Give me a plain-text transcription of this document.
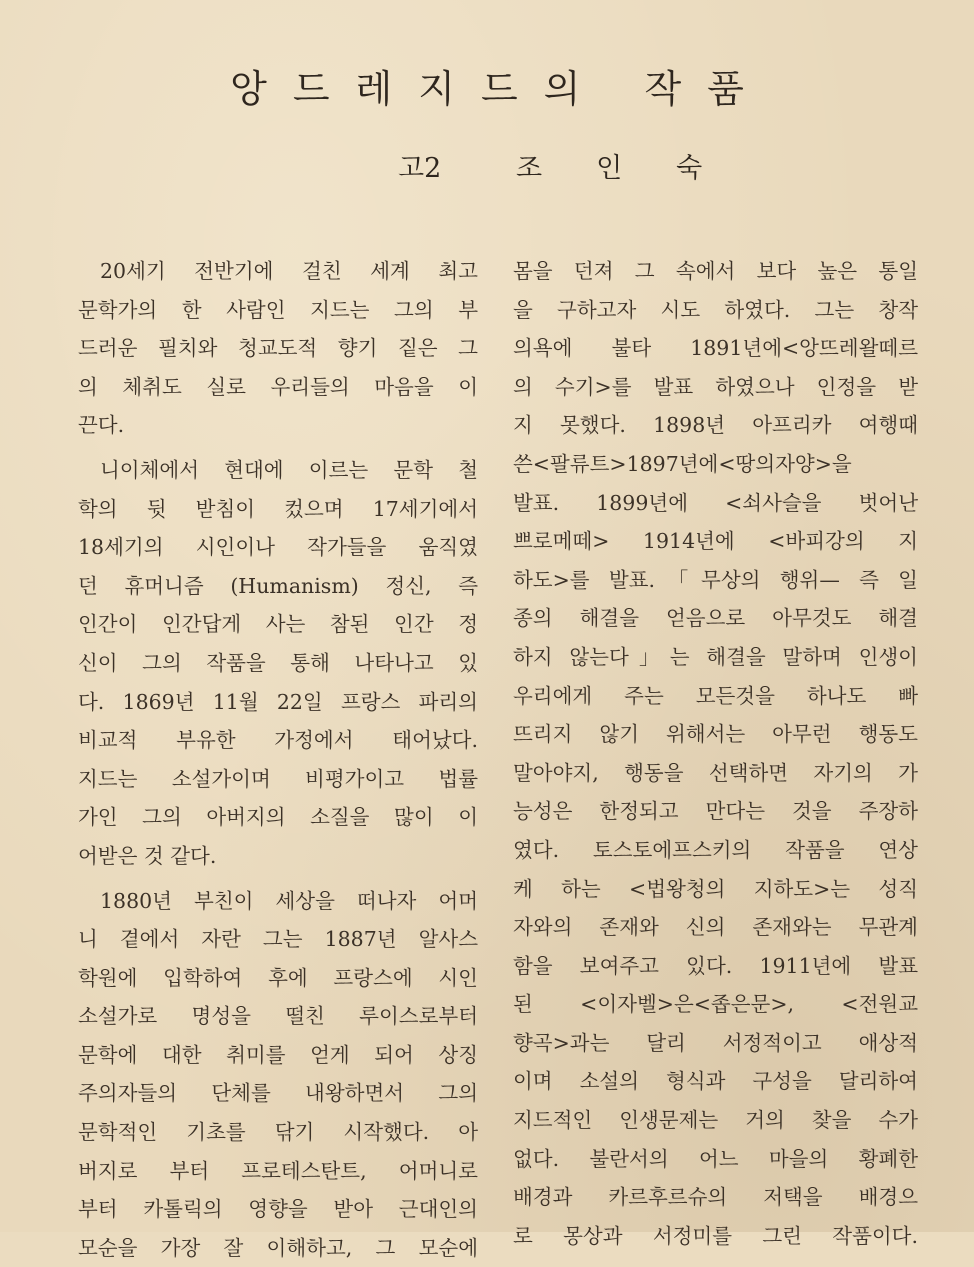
앙드레지드의 작품
고2	조인숙
20세기 전반기에 걸친 세계 최고
문학가의 한 사람인 지드는 그의 부
드러운 필치와 청교도적 향기 짙은 그
의 체취도 실로 우리들의 마음을 이
끈다.
니이체에서 현대에 이르는 문학 철
학의 뒷 받침이 컸으며 17세기에서
18세기의 시인이나 작가들을 움직였
던 휴머니즘 (Humanism) 정신, 즉
인간이 인간답게 사는 참된 인간 정
신이 그의 작품을 통해 나타나고 있
다. 1869년 11월 22일 프랑스 파리의
비교적 부유한 가정에서 태어났다.
지드는 소설가이며 비평가이고 법률
가인 그의 아버지의 소질을 많이 이
어받은 것 같다.
1880년 부친이 세상을 떠나자 어머
니 곁에서 자란 그는 1887년 알사스
학원에 입학하여 후에 프랑스에 시인
소설가로 명성을 떨친 루이스로부터
문학에 대한 취미를 얻게 되어 상징
주의자들의 단체를 내왕하면서 그의
문학적인 기초를 닦기 시작했다. 아
버지로 부터 프로테스탄트, 어머니로
부터 카톨릭의 영향을 받아 근대인의
모순을 가장 잘 이해하고, 그 모순에
몸을 던져 그 속에서 보다 높은 통일
을 구하고자 시도 하였다. 그는 창작
의욕에 불타 1891년에<앙뜨레왈떼르
의 수기>를 발표 하였으나 인정을 받
지 못했다. 1898년 아프리카 여행때
쓴<팔류트>1897년에<땅의자양>을
발표. 1899년에 <쇠사슬을 벗어난
쁘로메떼> 1914년에 <바피강의 지
하도>를 발표.「무상의 행위— 즉 일
종의 해결을 얻음으로 아무것도 해결
하지 않는다」는 해결을 말하며 인생이
우리에게 주는 모든것을 하나도 빠
뜨리지 않기 위해서는 아무런 행동도
말아야지, 행동을 선택하면 자기의 가
능성은 한정되고 만다는 것을 주장하
였다. 토스토에프스키의 작품을 연상
케 하는 <법왕청의 지하도>는 성직
자와의 존재와 신의 존재와는 무관계
함을 보여주고 있다. 1911년에 발표
된 <이자벨>은<좁은문>, <전원교
향곡>과는 달리 서정적이고 애상적
이며 소설의 형식과 구성을 달리하여
지드적인 인생문제는 거의 찾을 수가
없다. 불란서의 어느 마을의 황폐한
배경과 카르후르슈의 저택을 배경으
로 몽상과 서정미를 그린 작품이다.
